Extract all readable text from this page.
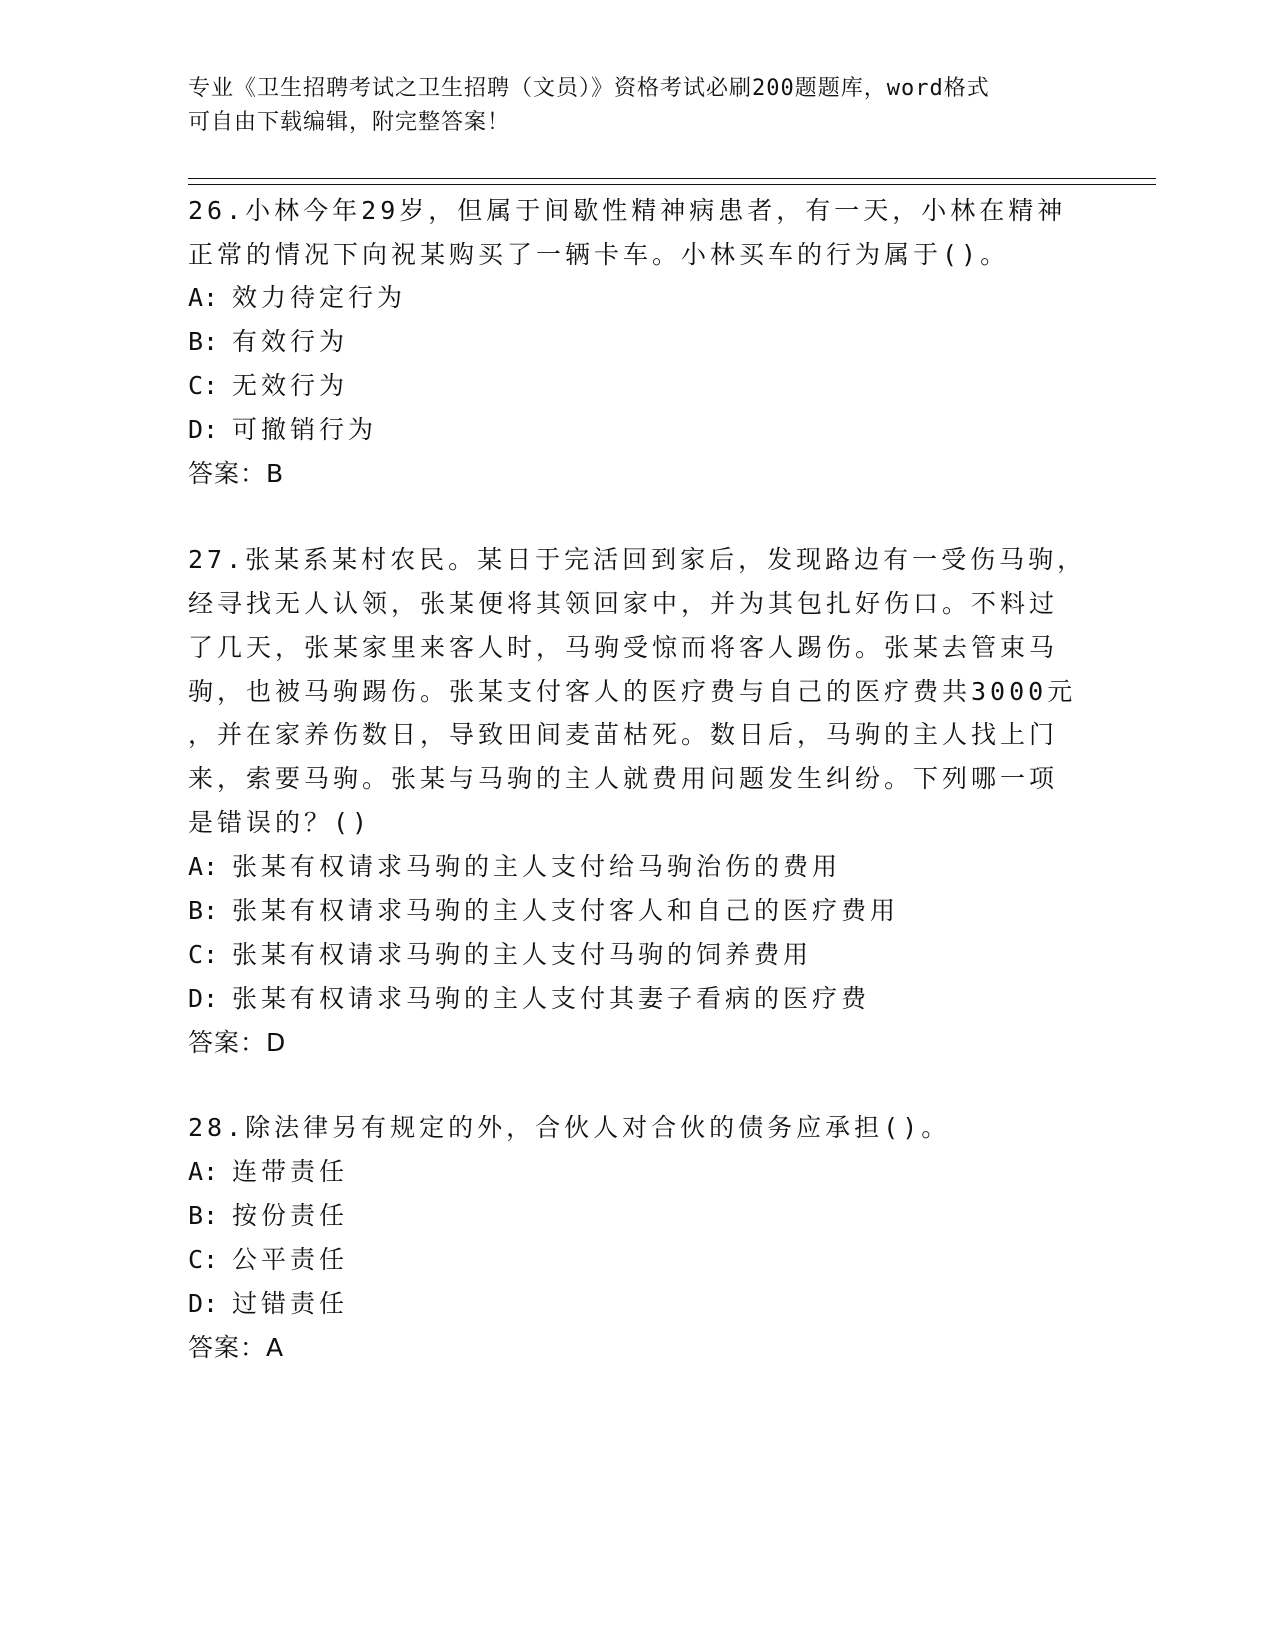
专业《卫生招聘考试之卫生招聘（文员）》资格考试必刷200题题库，word格式
可自由下载编辑，附完整答案！
26.小林今年29岁，但属于间歇性精神病患者，有一天，小林在精神
正常的情况下向祝某购买了一辆卡车。小林买车的行为属于()。
A: 效力待定行为
B: 有效行为
C: 无效行为
D: 可撤销行为
答案：B
27.张某系某村农民。某日于完活回到家后，发现路边有一受伤马驹，
经寻找无人认领，张某便将其领回家中，并为其包扎好伤口。不料过
了几天，张某家里来客人时，马驹受惊而将客人踢伤。张某去管束马
驹，也被马驹踢伤。张某支付客人的医疗费与自己的医疗费共3000元
，并在家养伤数日，导致田间麦苗枯死。数日后，马驹的主人找上门
来，索要马驹。张某与马驹的主人就费用问题发生纠纷。下列哪一项
是错误的？()
A: 张某有权请求马驹的主人支付给马驹治伤的费用
B: 张某有权请求马驹的主人支付客人和自己的医疗费用
C: 张某有权请求马驹的主人支付马驹的饲养费用
D: 张某有权请求马驹的主人支付其妻子看病的医疗费
答案：D
28.除法律另有规定的外，合伙人对合伙的债务应承担()。
A: 连带责任
B: 按份责任
C: 公平责任
D: 过错责任
答案：A
